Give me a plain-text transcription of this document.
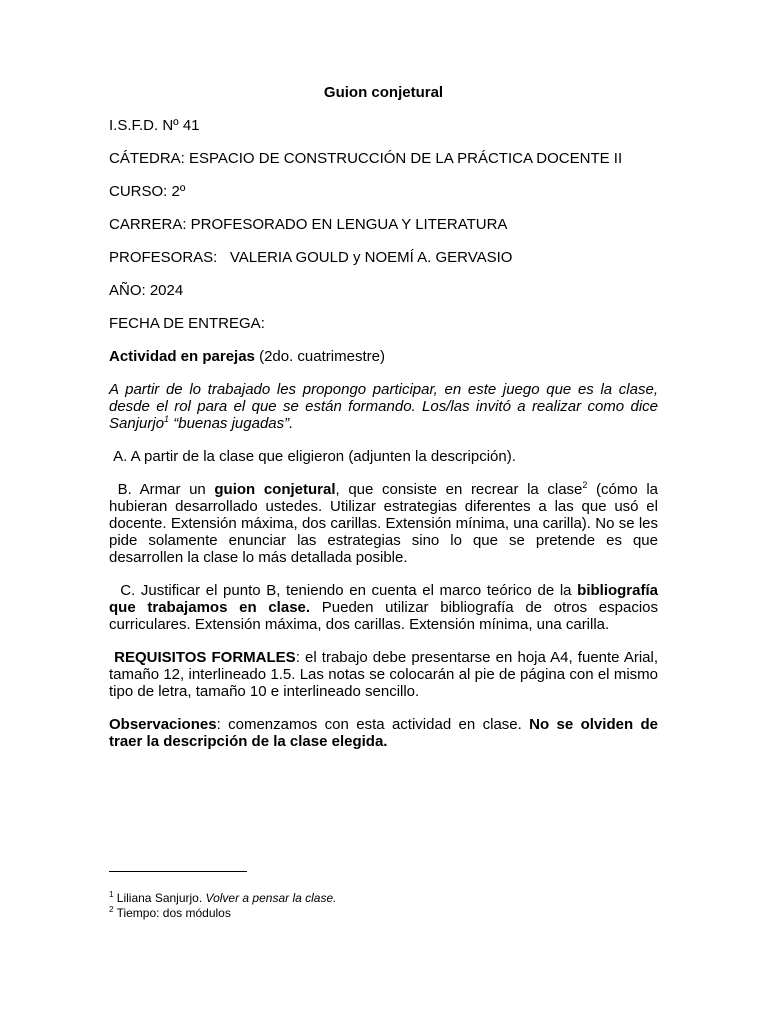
Guion conjetural
I.S.F.D. Nº 41
CÁTEDRA: ESPACIO DE CONSTRUCCIÓN DE LA PRÁCTICA DOCENTE II
CURSO: 2º
CARRERA: PROFESORADO EN LENGUA Y LITERATURA
PROFESORAS:   VALERIA GOULD y NOEMÍ A. GERVASIO
AÑO: 2024
FECHA DE ENTREGA:
Actividad en parejas (2do. cuatrimestre)
A partir de lo trabajado les propongo participar, en este juego que es la clase, desde el rol para el que se están formando. Los/las invitó a realizar como dice Sanjurjo$^1$ “buenas jugadas”.
A. A partir de la clase que eligieron (adjunten la descripción).
B. Armar un guion conjetural, que consiste en recrear la clase$^2$ (cómo la hubieran desarrollado ustedes. Utilizar estrategias diferentes a las que usó el docente. Extensión máxima, dos carillas. Extensión mínima, una carilla). No se les pide solamente enunciar las estrategias sino lo que se pretende es que desarrollen la clase lo más detallada posible.
C. Justificar el punto B, teniendo en cuenta el marco teórico de la bibliografía que trabajamos en clase. Pueden utilizar bibliografía de otros espacios curriculares. Extensión máxima, dos carillas. Extensión mínima, una carilla.
REQUISITOS FORMALES: el trabajo debe presentarse en hoja A4, fuente Arial, tamaño 12, interlineado 1.5. Las notas se colocarán al pie de página con el mismo tipo de letra, tamaño 10 e interlineado sencillo.
Observaciones: comenzamos con esta actividad en clase. No se olviden de traer la descripción de la clase elegida.
$^1$ Liliana Sanjurjo. Volver a pensar la clase.
$^2$ Tiempo: dos módulos
